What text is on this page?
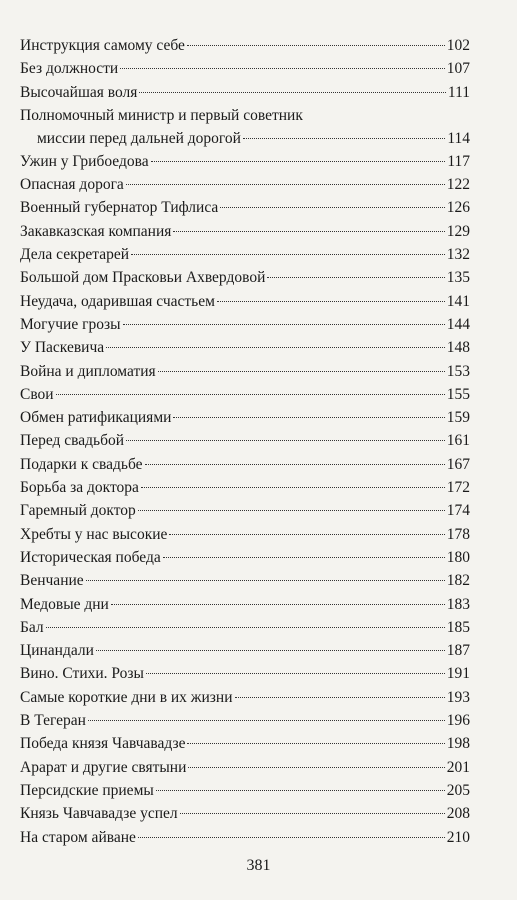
Инструкция самому себе	102
Без должности	107
Высочайшая воля	111
Полномочный министр и первый советник
миссии перед дальней дорогой	114
Ужин у Грибоедова	117
Опасная дорога	122
Военный губернатор Тифлиса	126
Закавказская компания	129
Дела секретарей	132
Большой дом Прасковьи Ахвердовой	135
Неудача, одарившая счастьем	141
Могучие грозы	144
У Паскевича	148
Война и дипломатия	153
Свои	155
Обмен ратификациями	159
Перед свадьбой	161
Подарки к свадьбе	167
Борьба за доктора	172
Гаремный доктор	174
Хребты у нас высокие	178
Историческая победа	180
Венчание	182
Медовые дни	183
Бал	185
Цинандали	187
Вино. Стихи. Розы	191
Самые короткие дни в их жизни	193
В Тегеран	196
Победа князя Чавчавадзе	198
Арарат и другие святыни	201
Персидские приемы	205
Князь Чавчавадзе успел	208
На старом айване	210
381
